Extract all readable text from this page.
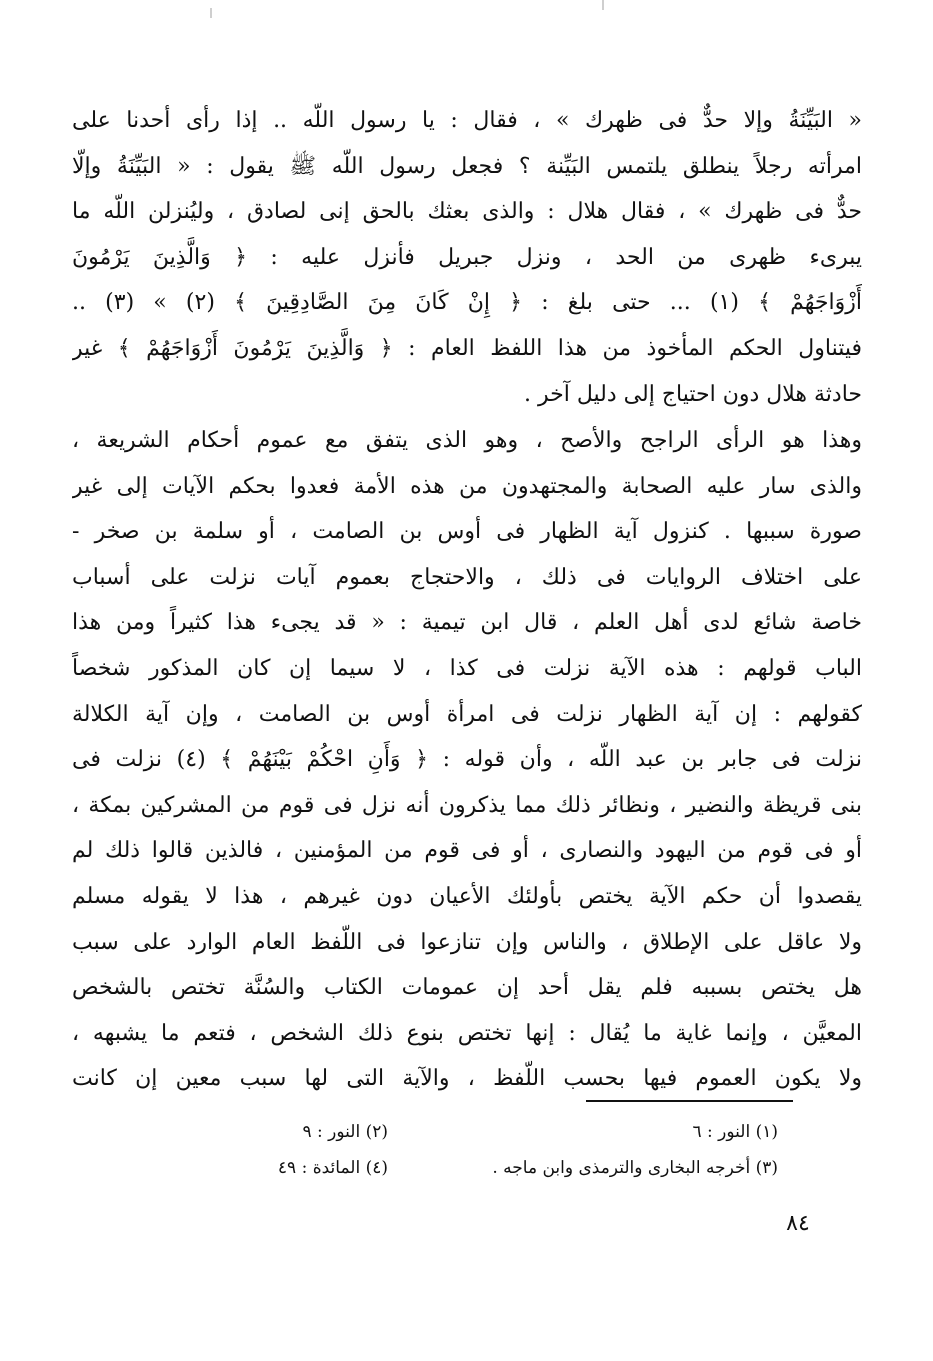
« البَيِّنَةُ وإلا حدٌّ فى ظهرك » ، فقال : يا رسول اللّه .. إذا رأى أحدنا على
امرأته رجلاً ينطلق يلتمس البَيِّنة ؟ فجعل رسول اللّه ﷺ يقول : « البَيِّنَةُ وإلّا
حدٌّ فى ظهرك » ، فقال هلال : والذى بعثك بالحق إنى لصادق ، وليُنزلن اللّه ما
يبرىء ظهرى من الحد ، ونزل جبريل فأنزل عليه : ﴿ وَالَّذِينَ يَرْمُونَ
أَزْوَاجَهُمْ ﴾ (١) ... حتى بلغ : ﴿ إِنْ كَانَ مِنَ الصَّادِقِينَ ﴾ (٢) » (٣) ..
فيتناول الحكم المأخوذ من هذا اللفظ العام : ﴿ وَالَّذِينَ يَرْمُونَ أَزْوَاجَهُمْ ﴾ غير
حادثة هلال دون احتياج إلى دليل آخر .
وهذا هو الرأى الراجح والأصح ، وهو الذى يتفق مع عموم أحكام الشريعة ،
والذى سار عليه الصحابة والمجتهدون من هذه الأمة فعدوا بحكم الآيات إلى غير
صورة سببها . كنزول آية الظهار فى أوس بن الصامت ، أو سلمة بن صخر -
على اختلاف الروايات فى ذلك ، والاحتجاج بعموم آيات نزلت على أسباب
خاصة شائع لدى أهل العلم ، قال ابن تيمية : « قد يجىء هذا كثيراً ومن هذا
الباب قولهم : هذه الآية نزلت فى كذا ، لا سيما إن كان المذكور شخصاً
كقولهم : إن آية الظهار نزلت فى امرأة أوس بن الصامت ، وإن آية الكلالة
نزلت فى جابر بن عبد اللّه ، وأن قوله : ﴿ وَأَنِ احْكُمْ بَيْنَهُمْ ﴾ (٤) نزلت فى
بنى قريظة والنضير ، ونظائر ذلك مما يذكرون أنه نزل فى قوم من المشركين بمكة ،
أو فى قوم من اليهود والنصارى ، أو فى قوم من المؤمنين ، فالذين قالوا ذلك لم
يقصدوا أن حكم الآية يختص بأولئك الأعيان دون غيرهم ، هذا لا يقوله مسلم
ولا عاقل على الإطلاق ، والناس وإن تنازعوا فى اللّفظ العام الوارد على سبب
هل يختص بسببه فلم يقل أحد إن عمومات الكتاب والسُنَّة تختص بالشخص
المعيَّن ، وإنما غاية ما يُقال : إنها تختص بنوع ذلك الشخص ، فتعم ما يشبهه ،
ولا يكون العموم فيها بحسب اللّفظ ، والآية التى لها سبب معين إن كانت
(١) النور : ٦
(٢) النور : ٩
(٣) أخرجه البخارى والترمذى وابن ماجه .
(٤) المائدة : ٤٩
٨٤
